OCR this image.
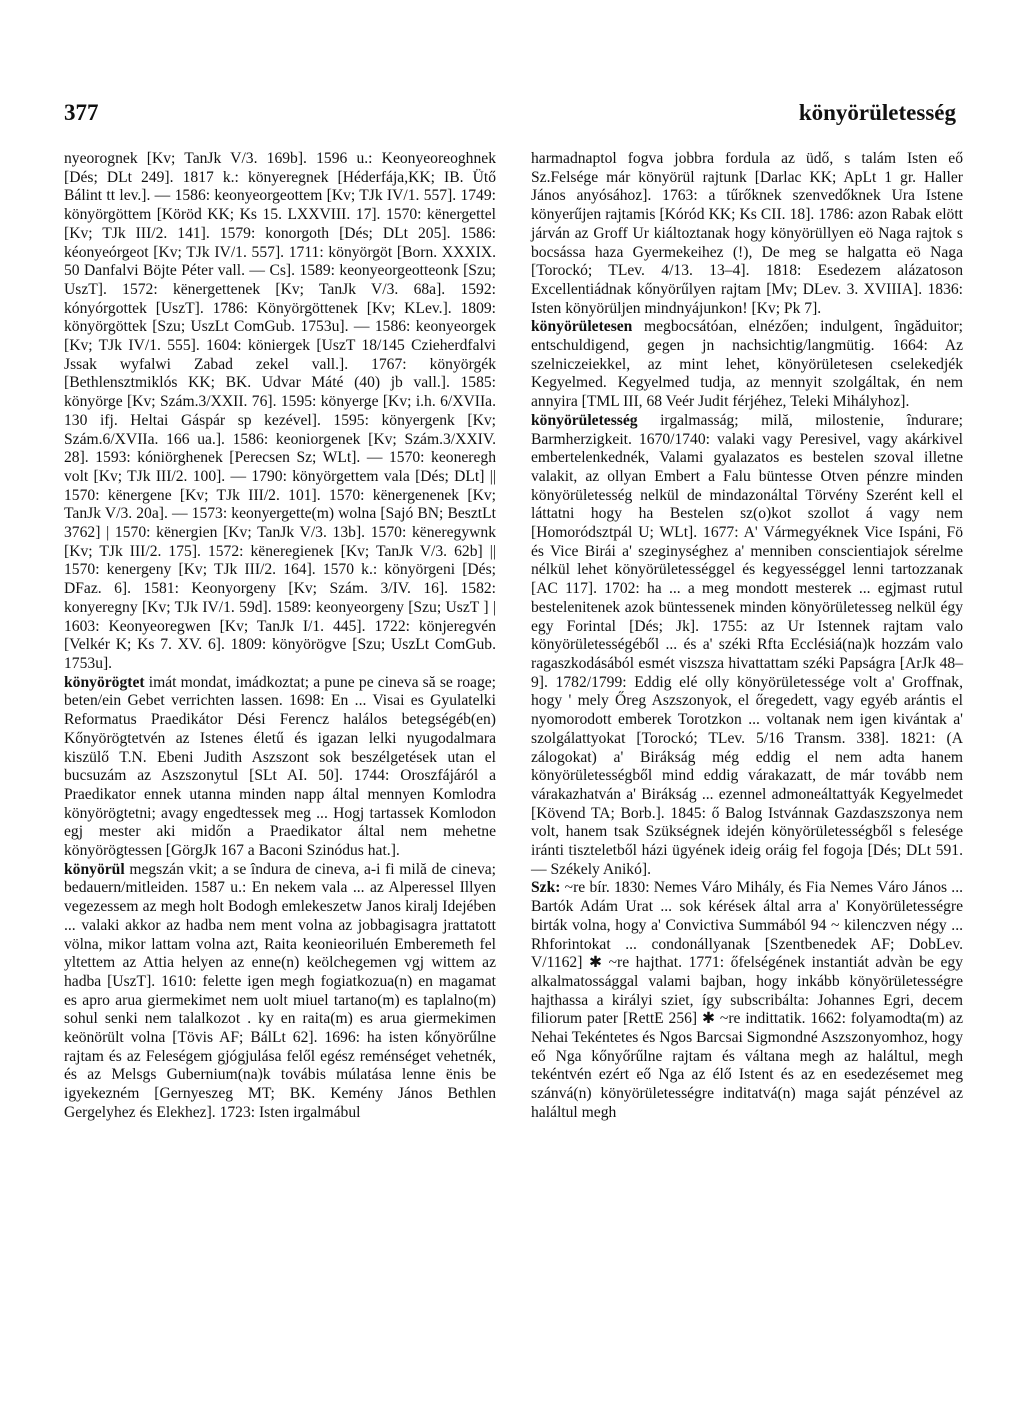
377	könyörületesség

nyeorognek [Kv; TanJk V/3. 169b]. 1596 u.: Keonyeoreoghnek [Dés; DLt 249]. 1817 k.: könyeregnek [Héderfája,KK; IB. Ütő Bálint tt lev.]. — 1586: keonyeorgeottem [Kv; TJk IV/1. 557]. 1749: könyörgöttem [Köröd KK; Ks 15. LXXVIII. 17]. 1570: kënergettel [Kv; TJk III/2. 141]. 1579: konorgoth [Dés; DLt 205]. 1586: kéonyeórgeot [Kv; TJk IV/1. 557]. 1711: könyörgöt [Born. XXXIX. 50 Danfalvi Böjte Péter vall. — Cs]. 1589: keonyeorgeotteonk [Szu; UszT]. 1572: kënergettenek [Kv; TanJk V/3. 68a]. 1592: kónyórgottek [UszT]. 1786: Könyörgöttenek [Kv; KLev.]. 1809: könyörgöttek [Szu; UszLt ComGub. 1753u]. — 1586: keonyeorgek [Kv; TJk IV/1. 555]. 1604: köniergek [UszT 18/145 Czieherdfalvi Jssak wyfalwi Zabad zekel vall.]. 1767: könyörgék [Bethlensztmiklós KK; BK. Udvar Máté (40) jb vall.]. 1585: könyörge [Kv; Szám.3/XXII. 76]. 1595: könyerge [Kv; i.h. 6/XVIIa. 130 ifj. Heltai Gáspár sp kezével]. 1595: könyergenk [Kv; Szám.6/XVIIa. 166 ua.]. 1586: keoniorgenek [Kv; Szám.3/XXIV. 28]. 1593: kóniörghenek [Perecsen Sz; WLt]. — 1570: keoneregh volt [Kv; TJk III/2. 100]. — 1790: könyörgettem vala [Dés; DLt] || 1570: kënergene [Kv; TJk III/2. 101]. 1570: kënergenenek [Kv; TanJk V/3. 20a]. — 1573: keonyergette(m) wolna [Sajó BN; BesztLt 3762] | 1570: kënergien [Kv; TanJk V/3. 13b]. 1570: këneregywnk [Kv; TJk III/2. 175]. 1572: këneregienek [Kv; TanJk V/3. 62b] || 1570: kenergeny [Kv; TJk III/2. 164]. 1570 k.: könyörgeni [Dés; DFaz. 6]. 1581: Keonyorgeny [Kv; Szám. 3/IV. 16]. 1582: konyeregny [Kv; TJk IV/1. 59d]. 1589: keonyeorgeny [Szu; UszT ] | 1603: Keonyeoregwen [Kv; TanJk I/1. 445]. 1722: könjeregvén [Velkér K; Ks 7. XV. 6]. 1809: könyörögve [Szu; UszLt ComGub. 1753u].

könyörögtet imát mondat, imádkoztat; a pune pe cineva să se roage; beten/ein Gebet verrichten lassen. 1698: En ... Visai es Gyulatelki Reformatus Praedikátor Dési Ferencz halálos betegségéb(en) Kőnyörögtetvén az Istenes életű és igazan lelki nyugodalmara kiszülő T.N. Ebeni Judith Aszszont sok beszélgetések utan el bucsuzám az Aszszonytul [SLt AI. 50]. 1744: Oroszfájáról a Praedikator ennek utanna minden napp által mennyen Komlodra könyörögtetni; avagy engedtessek meg ... Hogj tartassek Komlodon egj mester aki midőn a Praedikator által nem mehetne könyörögtessen [GörgJk 167 a Baconi Szinódus hat.].

könyörül megszán vkit; a se îndura de cineva, a-i fi milă de cineva; bedauern/mitleiden. 1587 u.: En nekem vala ... az Alperessel Illyen vegezessem az megh holt Bodogh emlekeszetw Janos kiralj Idejében ... valaki akkor az hadba nem ment volna az jobbagisagra jrattatott völna, mikor lattam volna azt, Raita keonieoriluén Emberemeth fel yltettem az Attia helyen az enne(n) keölchegemen vgj wittem az hadba [UszT]. 1610: felette igen megh fogiatkozua(n) en magamat es apro arua giermekimet nem uolt miuel tartano(m) es taplalno(m) sohul senki nem talalkozot . ky en raita(m) es arua giermekimen keönörült volna [Tövis AF; BálLt 62]. 1696: ha isten kőnyörűlne rajtam és az Feleségem gjógjulása felől egész reménséget vehetnék, és az Melsgs Gubernium(na)k továbis múlatása lenne ënis be igyekezném [Gernyeszeg MT; BK. Kemény János Bethlen Gergelyhez és Elekhez]. 1723: Isten irgalmábul

harmadnaptol fogva jobbra fordula az üdő, s talám Isten eő Sz.Felsége már könyörül rajtunk [Darlac KK; ApLt 1 gr. Haller János anyósához]. 1763: a tűrőknek szenvedőknek Ura Istene könyerűjen rajtamis [Kóród KK; Ks CII. 18]. 1786: azon Rabak elött járván az Groff Ur kiáltoztanak hogy könyörüllyen eö Naga rajtok s bocsássa haza Gyermekeihez (!), De meg se halgatta eö Naga [Torockó; TLev. 4/13. 13–4]. 1818: Esedezem alázatoson Excellentiádnak kőnyörűlyen rajtam [Mv; DLev. 3. XVIIIA]. 1836: Isten könyörüljen mindnyájunkon! [Kv; Pk 7].

könyörületesen megbocsátóan, elnézően; indulgent, îngăduitor; entschuldigend, gegen jn nachsichtig/langmütig. 1664: Az szelniczeiekkel, az mint lehet, könyörületesen cselekedjék Kegyelmed. Kegyelmed tudja, az mennyit szolgáltak, én nem annyira [TML III, 68 Veér Judit férjéhez, Teleki Mihályhoz].

könyörületesség irgalmasság; milă, milostenie, îndurare; Barmherzigkeit. 1670/1740: valaki vagy Peresivel, vagy akárkivel embertelenkednék, Valami gyalazatos es bestelen szoval illetne valakit, az ollyan Embert a Falu büntesse Otven pénzre minden könyörületesség nelkül de mindazonáltal Törvény Szerént kell el láttatni hogy ha Bestelen sz(o)kot szollot á vagy nem [Homoródsztpál U; WLt]. 1677: A' Vármegyéknek Vice Ispáni, Fö és Vice Birái a' szeginységhez a' menniben conscientiajok sérelme nélkül lehet könyörületességgel és kegyességgel lenni tartozzanak [AC 117]. 1702: ha ... a meg mondott mesterek ... egjmast rutul bestelenitenek azok büntessenek minden könyörületesseg nelkül égy egy Forintal [Dés; Jk]. 1755: az Ur Istennek rajtam valo könyörületességéből ... és a' széki Rfta Ecclésiá(na)k hozzám valo ragaszkodásából esmét viszsza hivattattam széki Papságra [ArJk 48–9]. 1782/1799: Eddig elé olly könyörületessége volt a' Groffnak, hogy ' mely Őreg Aszszonyok, el őregedett, vagy egyéb arántis el nyomorodott emberek Torotzkon ... voltanak nem igen kivántak a' szolgálattyokat [Torockó; TLev. 5/16 Transm. 338]. 1821: (A zálogokat) a' Birákság még eddig el nem adta hanem könyörületességből mind eddig várakazatt, de már tovább nem várakazhatván a' Birákság ... ezennel admoneáltattyák Kegyelmedet [Kövend TA; Borb.]. 1845: ő Balog Istvánnak Gazdaszszonya nem volt, hanem tsak Szükségnek idején könyörületességből s felesége iránti tiszteletből házi ügyének ideig oráig fel fogoja [Dés; DLt 591. — Székely Anikó].

Szk: ~re bír. 1830: Nemes Váro Mihály, és Fia Nemes Váro János ... Bartók Adám Urat ... sok kérések által arra a' Konyörületességre birták volna, hogy a' Convictiva Summából 94 ~ kilenczven négy ... Rhforintokat ... condonállyanak [Szentbenedek AF; DobLev. V/1162] ✱ ~re hajthat. 1771: őfelségének instantiát advàn be egy alkalmatossággal valami bajban, hogy inkább könyörületességre hajthassa a királyi sziet, így subscribálta: Johannes Egri, decem filiorum pater [RettE 256] ✱ ~re indittatik. 1662: folyamodta(m) az Nehai Tekéntetes és Ngos Barcsai Sigmondné Aszszonyomhoz, hogy eő Nga kőnyőrűlne rajtam és váltana megh az haláltul, megh tekéntvén ezért eő Nga az élő Istent és az en esedezésemet meg szánvá(n) könyörületességre inditatvá(n) maga saját pénzével az haláltul megh
